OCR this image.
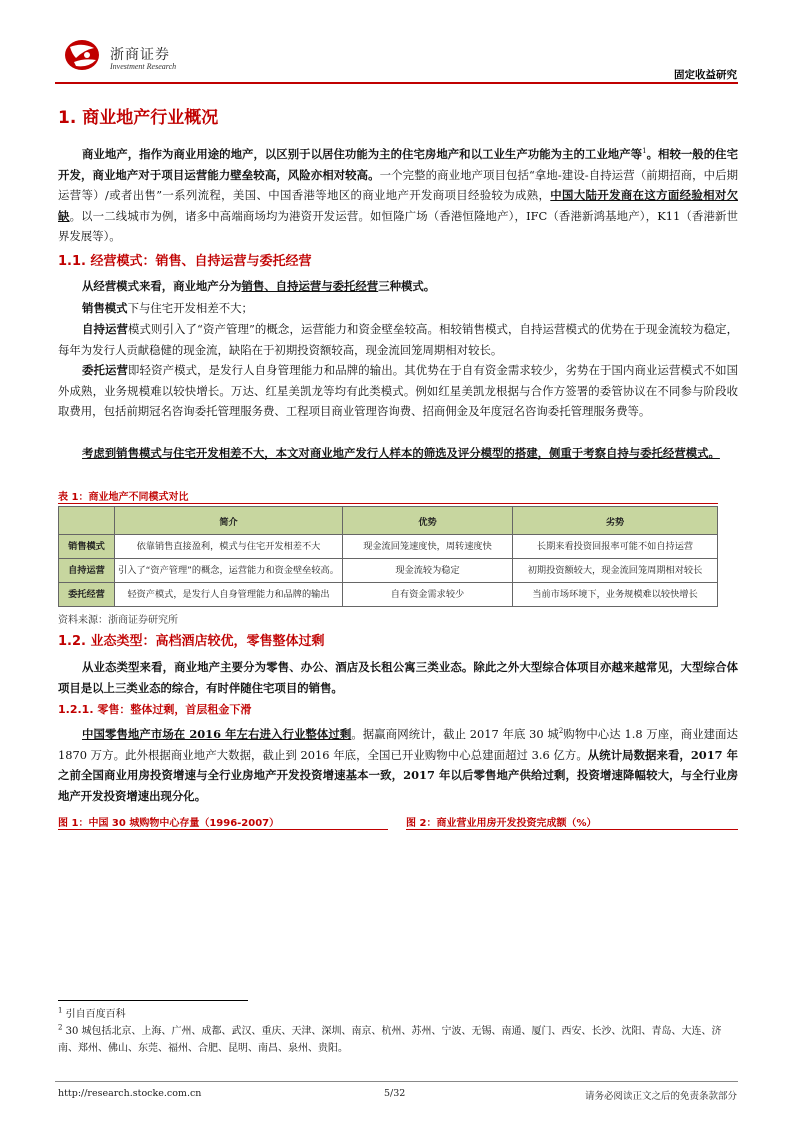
浙商证券
Investment Research
固定收益研究
1. 商业地产行业概况
商业地产，指作为商业用途的地产，以区别于以居住功能为主的住宅房地产和以工业生产功能为主的工业地产等$^1$。相较一般的住宅开发，商业地产对于项目运营能力壁垒较高，风险亦相对较高。一个完整的商业地产项目包括“拿地-建设-自持运营（前期招商，中后期运营等）/或者出售”一系列流程，美国、中国香港等地区的商业地产开发商项目经验较为成熟，中国大陆开发商在这方面经验相对欠缺。以一二线城市为例，诸多中高端商场均为港资开发运营。如恒隆广场（香港恒隆地产），IFC（香港新鸿基地产），K11（香港新世界发展等）。
1.1. 经营模式：销售、自持运营与委托经营
从经营模式来看，商业地产分为销售、自持运营与委托经营三种模式。
销售模式下与住宅开发相差不大；
自持运营模式则引入了“资产管理”的概念，运营能力和资金壁垒较高。相较销售模式，自持运营模式的优势在于现金流较为稳定，每年为发行人贡献稳健的现金流，缺陷在于初期投资额较高，现金流回笼周期相对较长。
委托运营即轻资产模式，是发行人自身管理能力和品牌的输出。其优势在于自有资金需求较少，劣势在于国内商业运营模式不如国外成熟，业务规模难以较快增长。万达、红星美凯龙等均有此类模式。例如红星美凯龙根据与合作方签署的委管协议在不同参与阶段收取费用，包括前期冠名咨询委托管理服务费、工程项目商业管理咨询费、招商佣金及年度冠名咨询委托管理服务费等。
考虑到销售模式与住宅开发相差不大，本文对商业地产发行人样本的筛选及评分模型的搭建，侧重于考察自持与委托经营模式。
表 1：商业地产不同模式对比
	简介	优势	劣势
销售模式	依靠销售直接盈利，模式与住宅开发相差不大	现金流回笼速度快，周转速度快	长期来看投资回报率可能不如自持运营
自持运营	引入了“资产管理”的概念，运营能力和资金壁垒较高。	现金流较为稳定	初期投资额较大，现金流回笼周期相对较长
委托经营	轻资产模式，是发行人自身管理能力和品牌的输出	自有资金需求较少	当前市场环境下，业务规模难以较快增长
资料来源：浙商证券研究所
1.2. 业态类型：高档酒店较优，零售整体过剩
从业态类型来看，商业地产主要分为零售、办公、酒店及长租公寓三类业态。除此之外大型综合体项目亦越来越常见，大型综合体项目是以上三类业态的综合，有时伴随住宅项目的销售。
1.2.1. 零售：整体过剩，首层租金下滑
中国零售地产市场在 2016 年左右进入行业整体过剩。据赢商网统计，截止 2017 年底 30 城$^2$购物中心达 1.8 万座，商业建面达 1870 万方。此外根据商业地产大数据，截止到 2016 年底，全国已开业购物中心总建面超过 3.6 亿方。从统计局数据来看，2017 年之前全国商业用房投资增速与全行业房地产开发投资增速基本一致，2017 年以后零售地产供给过剩，投资增速降幅较大，与全行业房地产开发投资增速出现分化。
图 1：中国 30 城购物中心存量（1996-2007）	图 2：商业营业用房开发投资完成额（%）
$^1$ 引自百度百科
$^2$ 30 城包括北京、上海、广州、成都、武汉、重庆、天津、深圳、南京、杭州、苏州、宁波、无锡、南通、厦门、西安、长沙、沈阳、青岛、大连、济南、郑州、佛山、东莞、福州、合肥、昆明、南昌、泉州、贵阳。
http://research.stocke.com.cn	5/32	请务必阅读正文之后的免责条款部分
